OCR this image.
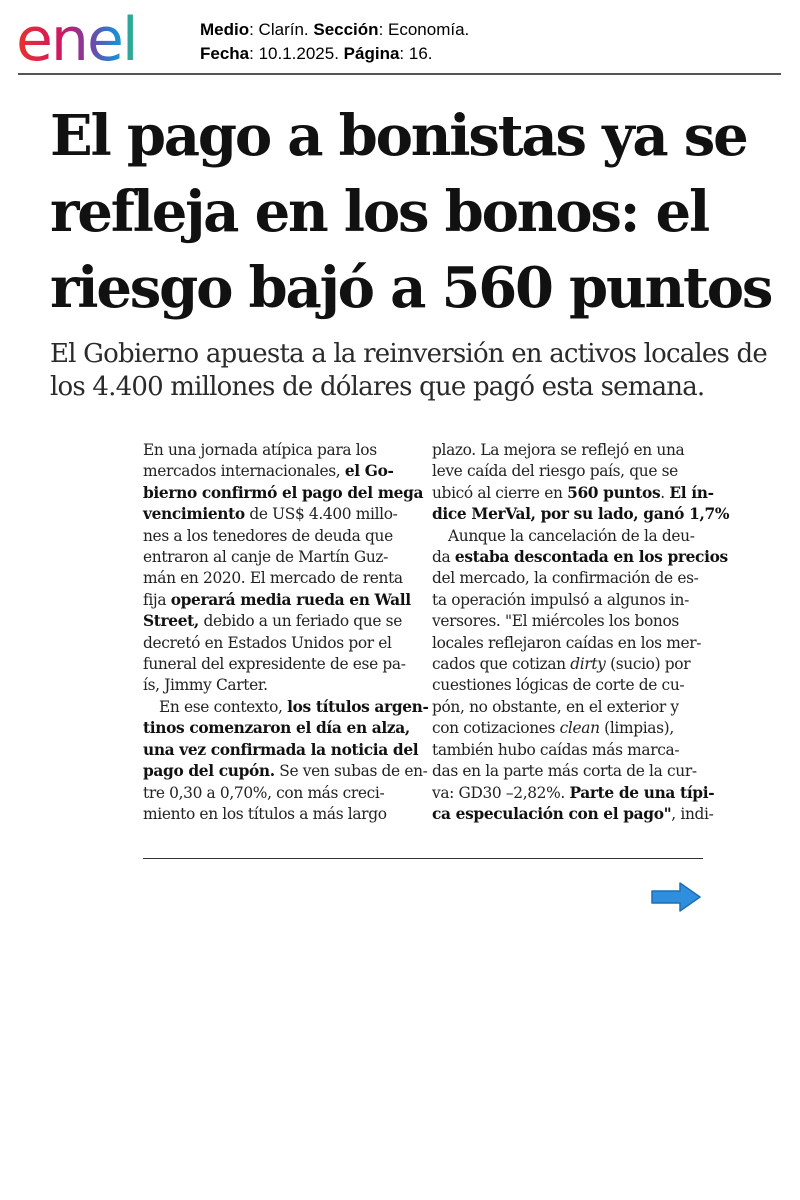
enel	Medio: Clarín. Sección: Economía.
Fecha: 10.1.2025. Página: 16.
El pago a bonistas ya se
refleja en los bonos: el
riesgo bajó a 560 puntos

El Gobierno apuesta a la reinversión en activos locales de
los 4.400 millones de dólares que pagó esta semana.

En una jornada atípica para los
mercados internacionales, el Go-
bierno confirmó el pago del mega
vencimiento de US$ 4.400 millo-
nes a los tenedores de deuda que
entraron al canje de Martín Guz-
mán en 2020. El mercado de renta
fija operará media rueda en Wall
Street, debido a un feriado que se
decretó en Estados Unidos por el
funeral del expresidente de ese pa-
ís, Jimmy Carter.
En ese contexto, los títulos argen-
tinos comenzaron el día en alza,
una vez confirmada la noticia del
pago del cupón. Se ven subas de en-
tre 0,30 a 0,70%, con más creci-
miento en los títulos a más largo
plazo. La mejora se reflejó en una
leve caída del riesgo país, que se
ubicó al cierre en 560 puntos. El ín-
dice MerVal, por su lado, ganó 1,7%
Aunque la cancelación de la deu-
da estaba descontada en los precios
del mercado, la confirmación de es-
ta operación impulsó a algunos in-
versores. "El miércoles los bonos
locales reflejaron caídas en los mer-
cados que cotizan dirty (sucio) por
cuestiones lógicas de corte de cu-
pón, no obstante, en el exterior y
con cotizaciones clean (limpias),
también hubo caídas más marca-
das en la parte más corta de la cur-
va: GD30 –2,82%. Parte de una típi-
ca especulación con el pago", indi-
